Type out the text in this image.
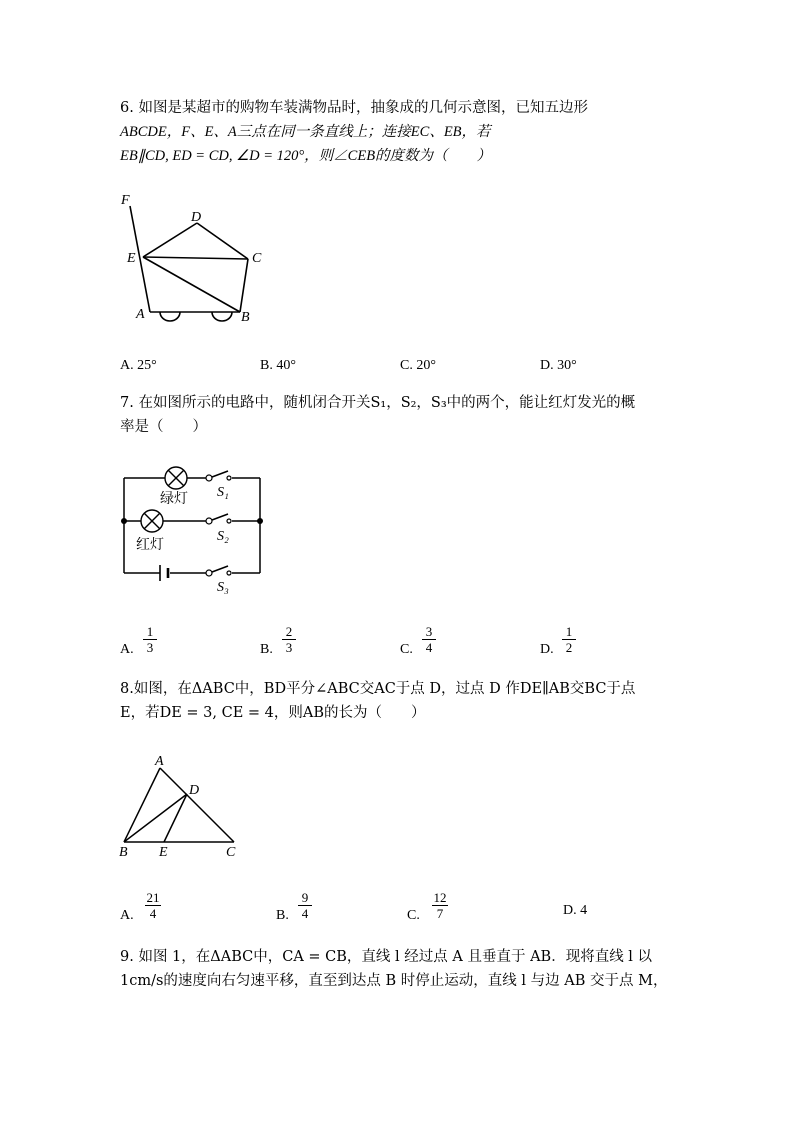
6. 如图是某超市的购物车装满物品时，抽象成的几何示意图，已知五边形
ABCDE，F、E、A三点在同一条直线上；连接EC、EB，若
EB∥CD, ED = CD, ∠D = 120°，则∠CEB的度数为（　　）
F
D
E	C
A	B
绿灯
红灯
S₁
S₂
S₃
A
D
B E	C
A. 25°	B. 40°	C. 20°	D. 30°
7. 在如图所示的电路中，随机闭合开关S₁，S₂，S₃中的两个，能让红灯发光的概
率是（　　）
A.
1
3	B.
2
3	C.
3
4	D.
1
2
8.如图，在ΔABC中，BD平分∠ABC交AC于点 D，过点 D 作DE∥AB交BC于点
E，若DE = 3, CE = 4，则AB的长为（　　）
A.
21
4	B.
9
4	C.
12
7	D. 4
9. 如图 1，在ΔABC中，CA = CB，直线 l 经过点 A 且垂直于 AB．现将直线 l 以
1cm/s的速度向右匀速平移，直至到达点 B 时停止运动，直线 l 与边 AB 交于点 M，
